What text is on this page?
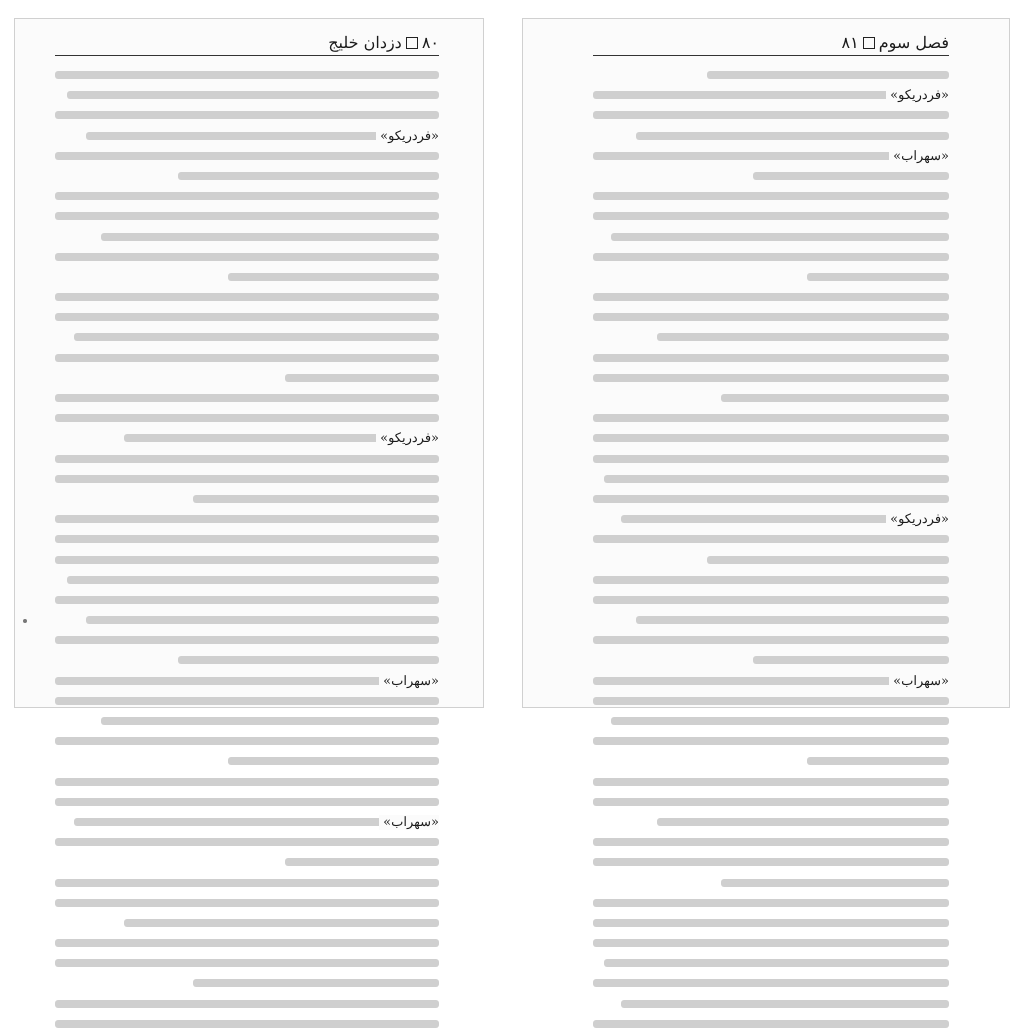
۸۰دزدان خلیج
«فردریکو»
«فردریکو»
«سهراب»
«سهراب»
فصل سوم۸۱
«فردریکو»
«سهراب»
«فردریکو»
«سهراب»
